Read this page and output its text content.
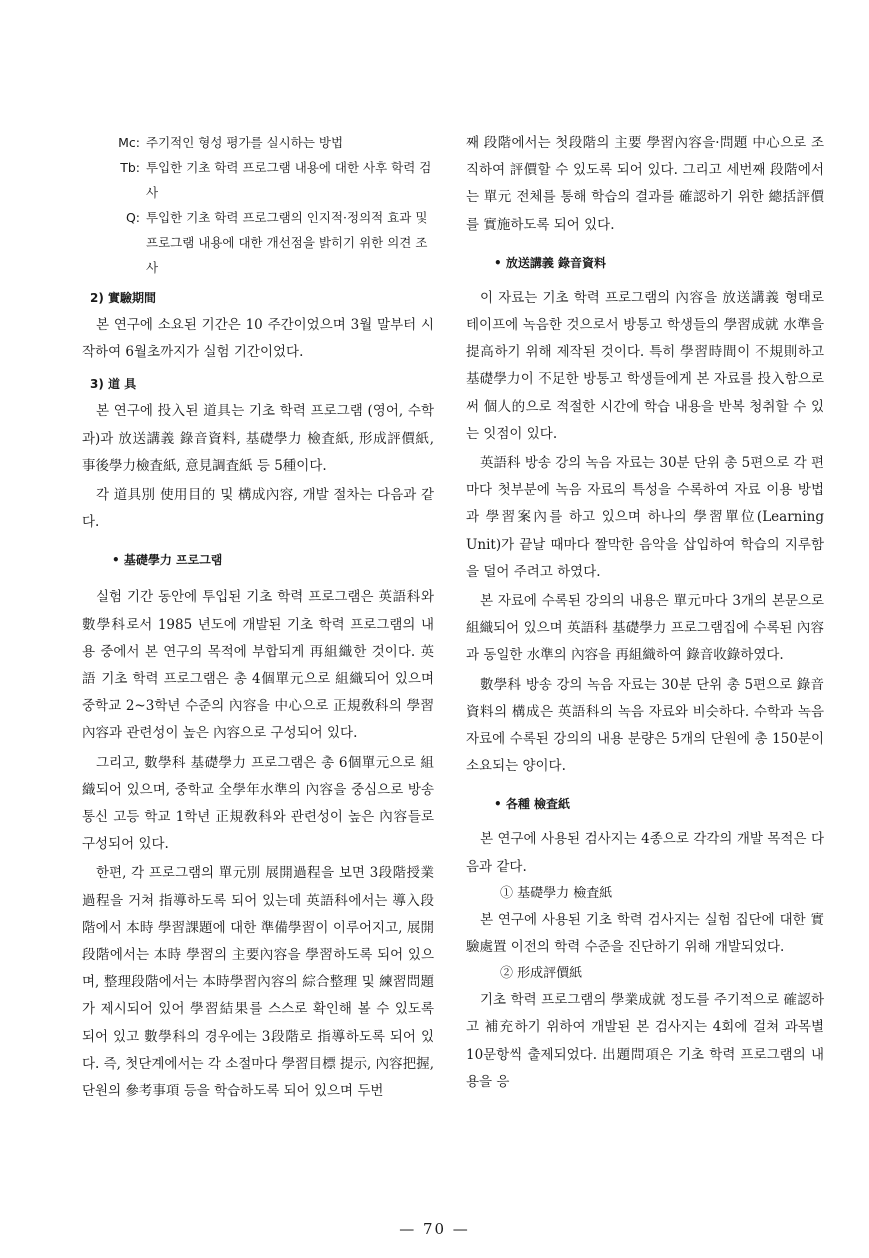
Mc: 주기적인 형성 평가를 실시하는 방법
Tb: 투입한 기초 학력 프로그램 내용에 대한 사후 학력 검사
Q: 투입한 기초 학력 프로그램의 인지적·정의적 효과 및 프로그램 내용에 대한 개선점을 밝히기 위한 의견 조사
2) 實驗期間

본 연구에 소요된 기간은 10 주간이었으며 3월 말부터 시작하여 6월초까지가 실험 기간이었다.

3) 道 具

본 연구에 投入된 道具는 기초 학력 프로그램 (영어, 수학과)과 放送講義 錄音資料, 基礎學力 檢査紙, 形成評價紙, 事後學力檢査紙, 意見調査紙 등 5種이다.

각 道具別 使用目的 및 構成內容, 개발 절차는 다음과 같다.

• 基礎學力 프로그램

실험 기간 동안에 투입된 기초 학력 프로그램은 英語科와 數學科로서 1985 년도에 개발된 기초 학력 프로그램의 내용 중에서 본 연구의 목적에 부합되게 再組織한 것이다. 英語 기초 학력 프로그램은 총 4個單元으로 組織되어 있으며 중학교 2~3학년 수준의 內容을 中心으로 正規敎科의 學習內容과 관련성이 높은 內容으로 구성되어 있다.

그리고, 數學科 基礎學力 프로그램은 총 6個單元으로 組織되어 있으며, 중학교 全學年水準의 內容을 중심으로 방송 통신 고등 학교 1학년 正規敎科와 관련성이 높은 內容들로 구성되어 있다.

한편, 각 프로그램의 單元別 展開過程을 보면 3段階授業過程을 거쳐 指導하도록 되어 있는데 英語科에서는 導入段階에서 本時 學習課題에 대한 準備學習이 이루어지고, 展開段階에서는 本時 學習의 主要內容을 學習하도록 되어 있으며, 整理段階에서는 本時學習內容의 綜合整理 및 練習問題가 제시되어 있어 學習結果를 스스로 확인해 볼 수 있도록 되어 있고 數學科의 경우에는 3段階로 指導하도록 되어 있다. 즉, 첫단계에서는 각 소절마다 學習目標 提示, 內容把握, 단원의 參考事項 등을 학습하도록 되어 있으며 두번

째 段階에서는 첫段階의 主要 學習內容을·問題 中心으로 조직하여 評價할 수 있도록 되어 있다. 그리고 세번째 段階에서는 單元 전체를 통해 학습의 결과를 確認하기 위한 總括評價를 實施하도록 되어 있다.

• 放送講義 錄音資料

이 자료는 기초 학력 프로그램의 內容을 放送講義 형태로 테이프에 녹음한 것으로서 방통고 학생들의 學習成就 水準을 提高하기 위해 제작된 것이다. 특히 學習時間이 不規則하고 基礎學力이 不足한 방통고 학생들에게 본 자료를 投入함으로써 個人的으로 적절한 시간에 학습 내용을 반복 청취할 수 있는 잇점이 있다.

英語科 방송 강의 녹음 자료는 30분 단위 총 5편으로 각 편마다 첫부분에 녹음 자료의 특성을 수록하여 자료 이용 방법과 學習案內를 하고 있으며 하나의 學習單位(Learning Unit)가 끝날 때마다 짤막한 음악을 삽입하여 학습의 지루함을 덜어 주려고 하였다.

본 자료에 수록된 강의의 내용은 單元마다 3개의 본문으로 組織되어 있으며 英語科 基礎學力 프로그램집에 수록된 內容과 동일한 水準의 內容을 再組織하여 錄音收錄하였다.

數學科 방송 강의 녹음 자료는 30분 단위 총 5편으로 錄音資料의 構成은 英語科의 녹음 자료와 비슷하다. 수학과 녹음 자료에 수록된 강의의 내용 분량은 5개의 단원에 총 150분이 소요되는 양이다.

• 各種 檢査紙

본 연구에 사용된 검사지는 4종으로 각각의 개발 목적은 다음과 같다.

① 基礎學力 檢査紙

본 연구에 사용된 기초 학력 검사지는 실험 집단에 대한 實驗處置 이전의 학력 수준을 진단하기 위해 개발되었다.

② 形成評價紙

기초 학력 프로그램의 學業成就 정도를 주기적으로 確認하고 補充하기 위하여 개발된 본 검사지는 4회에 걸쳐 과목별 10문항씩 출제되었다. 出題問項은 기초 학력 프로그램의 내용을 응

— 70 —
